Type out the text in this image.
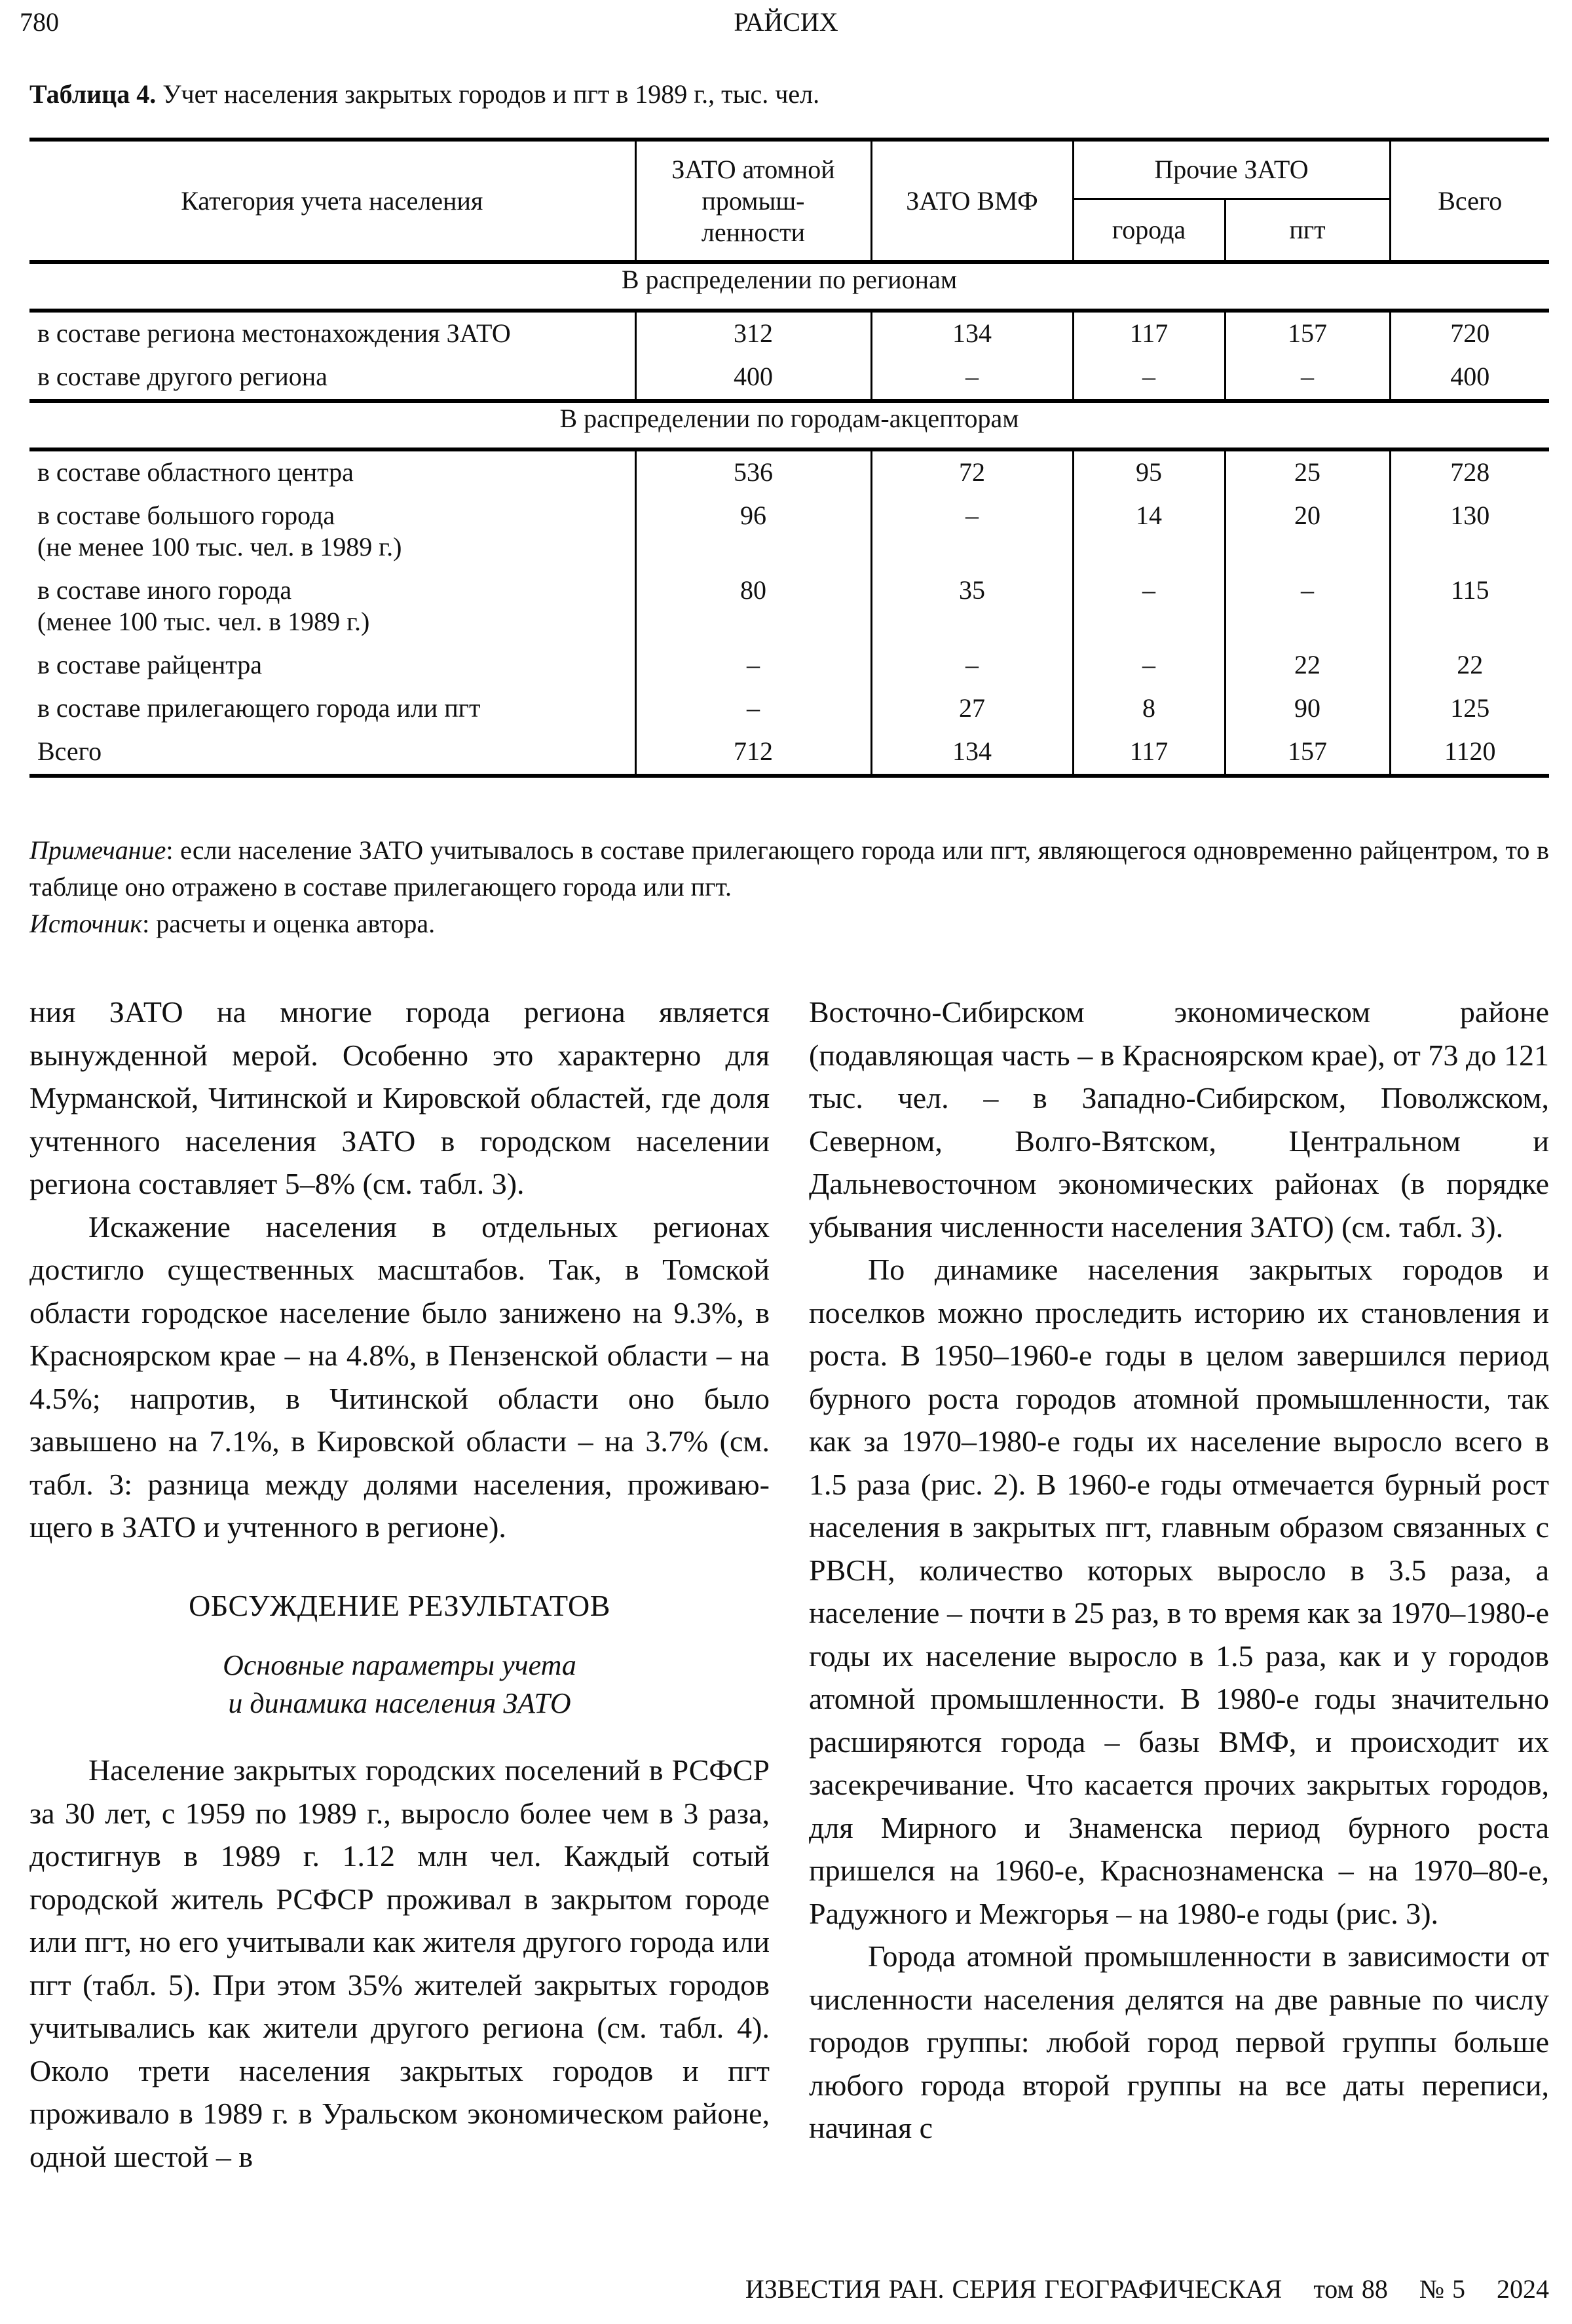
780	РАЙСИХ
Таблица 4. Учет населения закрытых городов и пгт в 1989 г., тыс. чел.
Категория учета населения	ЗАТО атомной
промыш-
ленности	ЗАТО ВМФ	Прочие ЗАТО		Всего
			города	пгт	
В распределении по регионам					
в составе региона местонахождения ЗАТО	312	134	117	157	720
в составе другого региона	400	–	–	–	400
В распределении по городам-акцепторам					
в составе областного центра	536	72	95	25	728

в составе большого города
(не менее 100 тыс. чел. в 1989 г.)	96	–	14	20	130

в составе иного города
(менее 100 тыс. чел. в 1989 г.)	80	35	–	–	115
в составе райцентра	–	–	–	22	22
в составе прилегающего города или пгт	–	27	8	90	125
Всего	712	134	117	157	1120
Примечание: если население ЗАТО учитывалось в составе прилегающего города или пгт, являющегося одновременно райцентром, то в таблице оно отражено в составе прилегающего города или пгт.
Источник: расчеты и оценка автора.

ния ЗАТО на многие города региона является вынужденной мерой. Особенно это характерно для Мурманской, Читинской и Кировской областей, где доля учтенного населения ЗАТО в городском населении региона составляет 5–8% (см. табл. 3).

Искажение населения в отдельных регионах достигло существенных масштабов. Так, в Томской области городское население было занижено на 9.3%, в Красноярском крае – на 4.8%, в Пензенской области – на 4.5%; напротив, в Читинской области оно было завышено на 7.1%, в Кировской области – на 3.7% (см. табл. 3: разница между долями населения, проживающего в ЗАТО и учтенного в регионе).

ОБСУЖДЕНИЕ РЕЗУЛЬТАТОВ
Основные параметры учета
и динамика населения ЗАТО

Население закрытых городских поселений в РСФСР за 30 лет, с 1959 по 1989 г., выросло более чем в 3 раза, достигнув в 1989 г. 1.12 млн чел. Каждый сотый городской житель РСФСР проживал в закрытом городе или пгт, но его учитывали как жителя другого города или пгт (табл. 5). При этом 35% жителей закрытых городов учитывались как жители другого региона (см. табл. 4). Около трети населения закрытых городов и пгт проживало в 1989 г. в Уральском экономическом районе, одной шестой – в

Восточно-Сибирском экономическом районе (подавляющая часть – в Красноярском крае), от 73 до 121 тыс. чел. – в Западно-Сибирском, Поволжском, Северном, Волго-Вятском, Центральном и Дальневосточном экономических районах (в порядке убывания численности населения ЗАТО) (см. табл. 3).

По динамике населения закрытых городов и поселков можно проследить историю их становления и роста. В 1950–1960-е годы в целом завершился период бурного роста городов атомной промышленности, так как за 1970–1980-е годы их население выросло всего в 1.5 раза (рис. 2). В 1960-е годы отмечается бурный рост населения в закрытых пгт, главным образом связанных с РВСН, количество которых выросло в 3.5 раза, а население – почти в 25 раз, в то время как за 1970–1980-е годы их население выросло в 1.5 раза, как и у городов атомной промышленности. В 1980-е годы значительно расширяются города – базы ВМФ, и происходит их засекречивание. Что касается прочих закрытых городов, для Мирного и Знаменска период бурного роста пришелся на 1960-е, Краснознаменска – на 1970–80-е, Радужного и Межгорья – на 1980-е годы (рис. 3).

Города атомной промышленности в зависимости от численности населения делятся на две равные по числу городов группы: любой город первой группы больше любого города второй группы на все даты переписи, начиная с

ИЗВЕСТИЯ РАН. СЕРИЯ ГЕОГРАФИЧЕСКАЯ том 88 № 5 2024
